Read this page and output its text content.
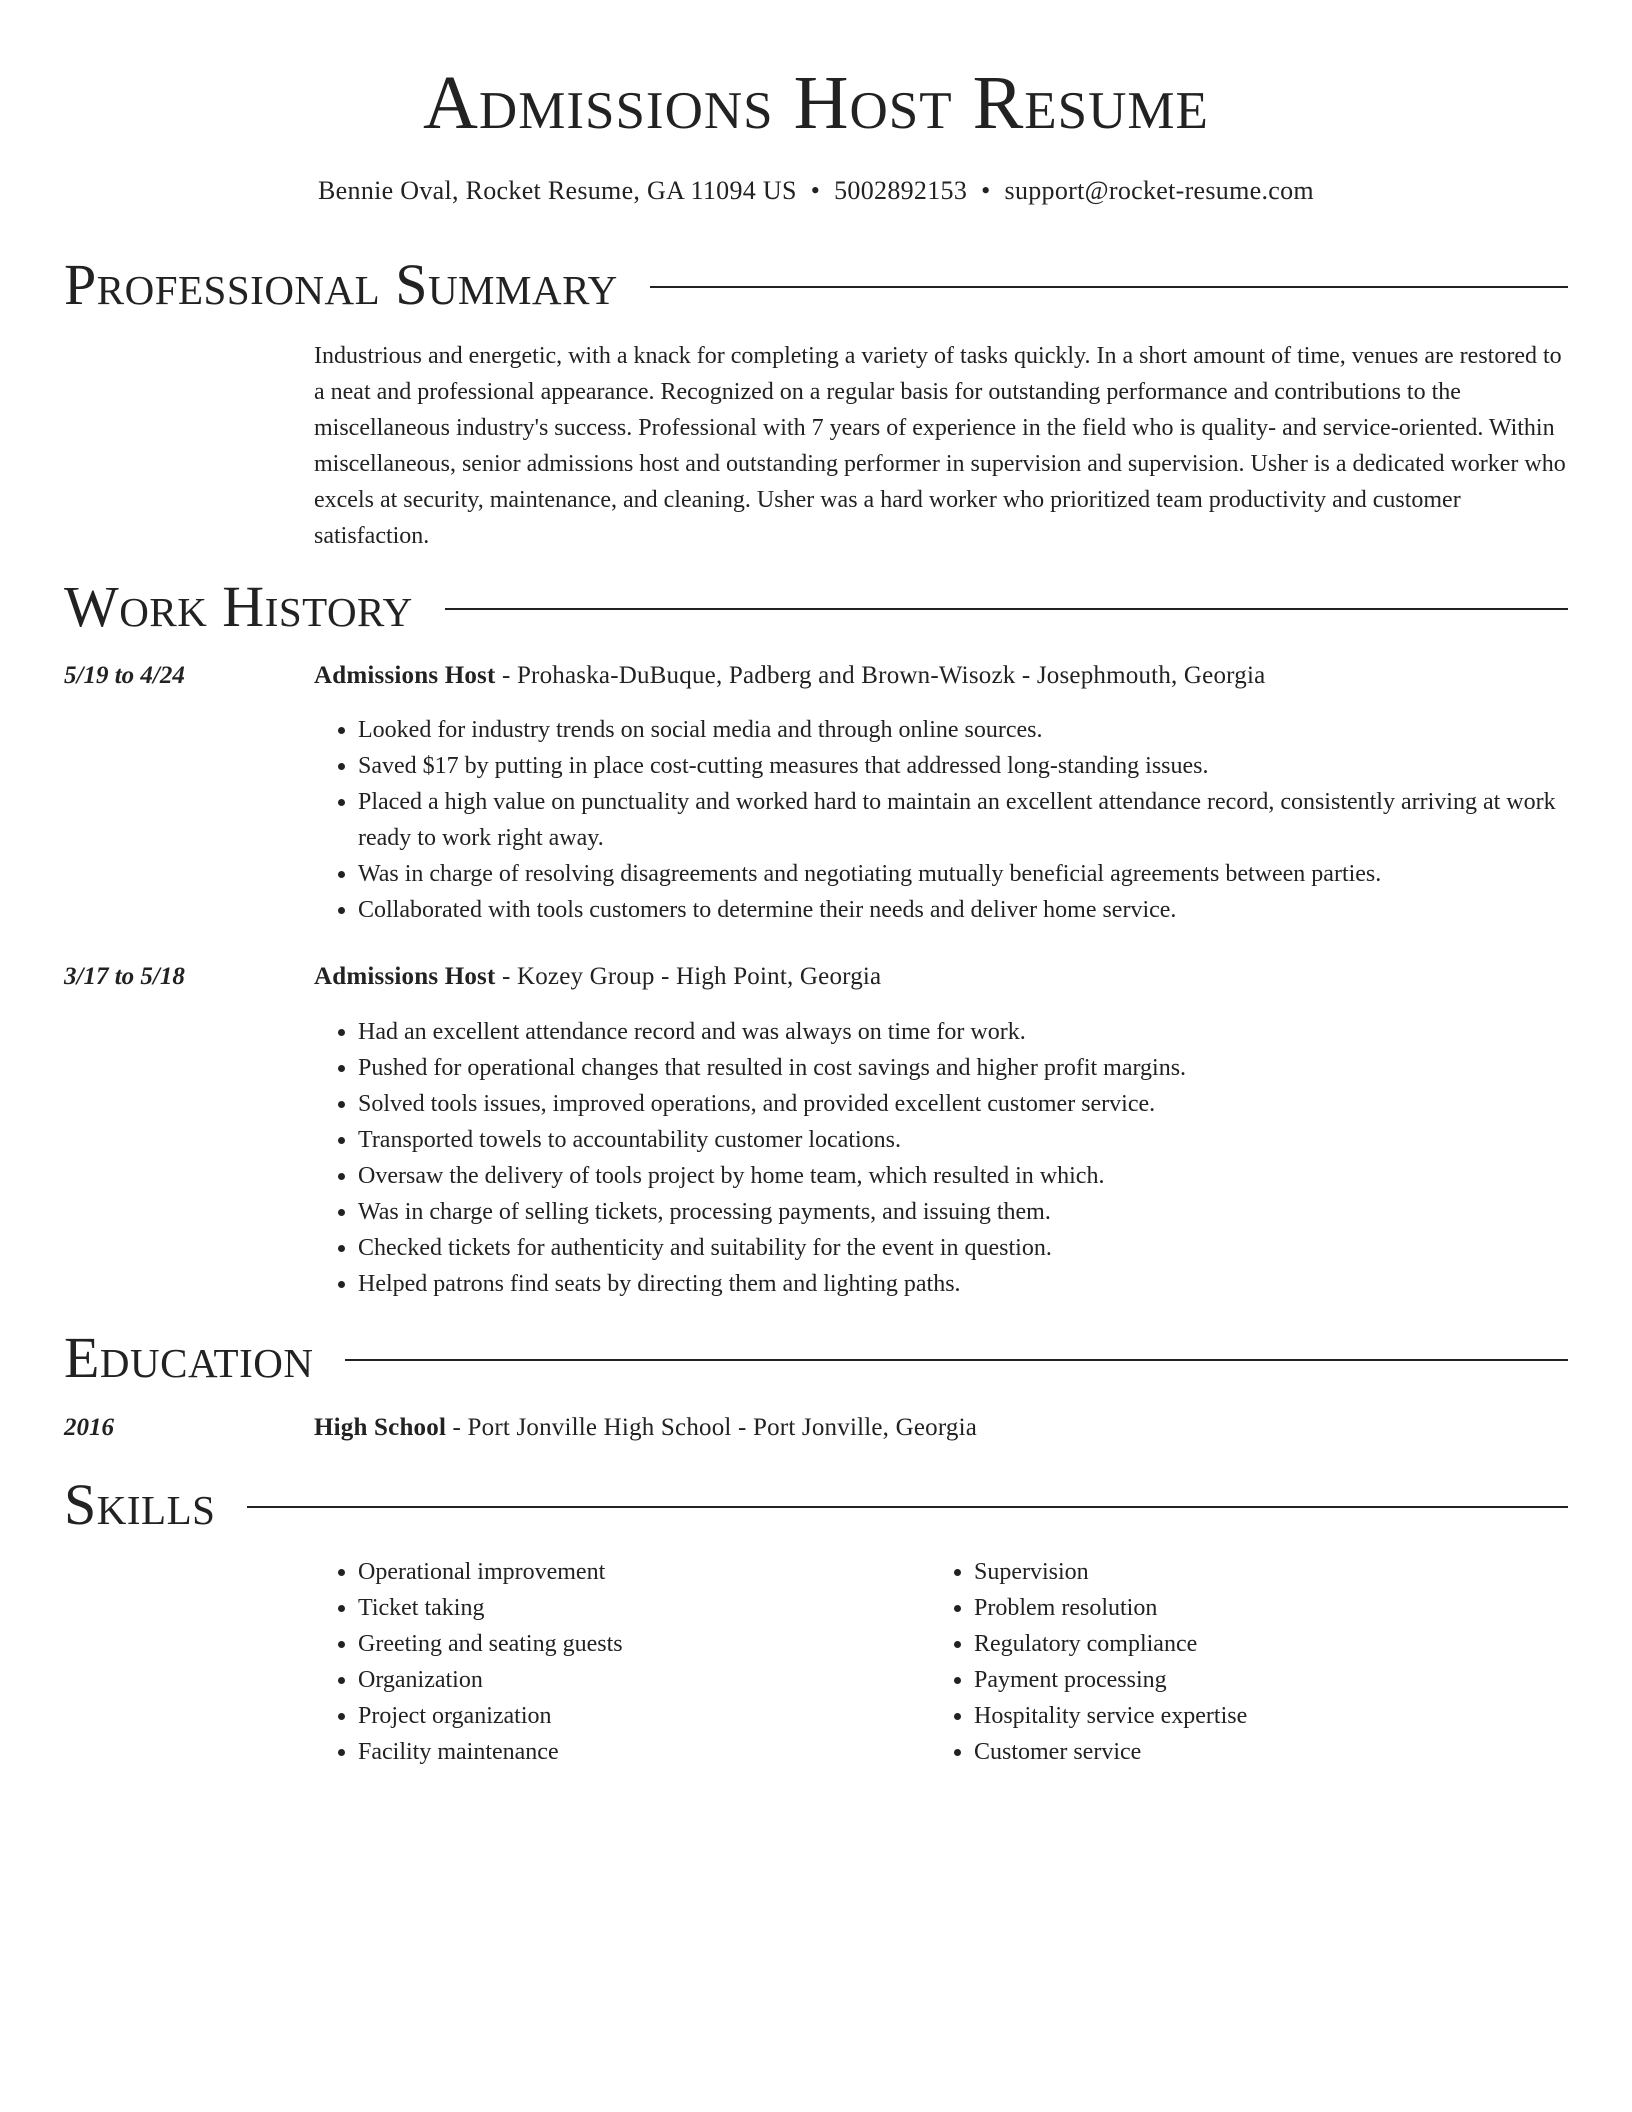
Admissions Host Resume
Bennie Oval, Rocket Resume, GA 11094 US • 5002892153 • support@rocket-resume.com
Professional Summary

Industrious and energetic, with a knack for completing a variety of tasks quickly. In a short amount of time, venues are restored to a neat and professional appearance. Recognized on a regular basis for outstanding performance and contributions to the miscellaneous industry's success. Professional with 7 years of experience in the field who is quality- and service-oriented. Within miscellaneous, senior admissions host and outstanding performer in supervision and supervision. Usher is a dedicated worker who excels at security, maintenance, and cleaning. Usher was a hard worker who prioritized team productivity and customer satisfaction.

Work History
5/19 to 4/24	Admissions Host - Prohaska-DuBuque, Padberg and Brown-Wisozk - Josephmouth, Georgia
• Looked for industry trends on social media and through online sources.
• Saved $17 by putting in place cost-cutting measures that addressed long-standing issues.
• Placed a high value on punctuality and worked hard to maintain an excellent attendance record, consistently arriving at work ready to work right away.
• Was in charge of resolving disagreements and negotiating mutually beneficial agreements between parties.
• Collaborated with tools customers to determine their needs and deliver home service.
3/17 to 5/18	Admissions Host - Kozey Group - High Point, Georgia
• Had an excellent attendance record and was always on time for work.
• Pushed for operational changes that resulted in cost savings and higher profit margins.
• Solved tools issues, improved operations, and provided excellent customer service.
• Transported towels to accountability customer locations.
• Oversaw the delivery of tools project by home team, which resulted in which.
• Was in charge of selling tickets, processing payments, and issuing them.
• Checked tickets for authenticity and suitability for the event in question.
• Helped patrons find seats by directing them and lighting paths.
Education
2016	High School - Port Jonville High School - Port Jonville, Georgia
Skills
• Operational improvement
• Ticket taking
• Greeting and seating guests
• Organization
• Project organization
• Facility maintenance
• Supervision
• Problem resolution
• Regulatory compliance
• Payment processing
• Hospitality service expertise
• Customer service
